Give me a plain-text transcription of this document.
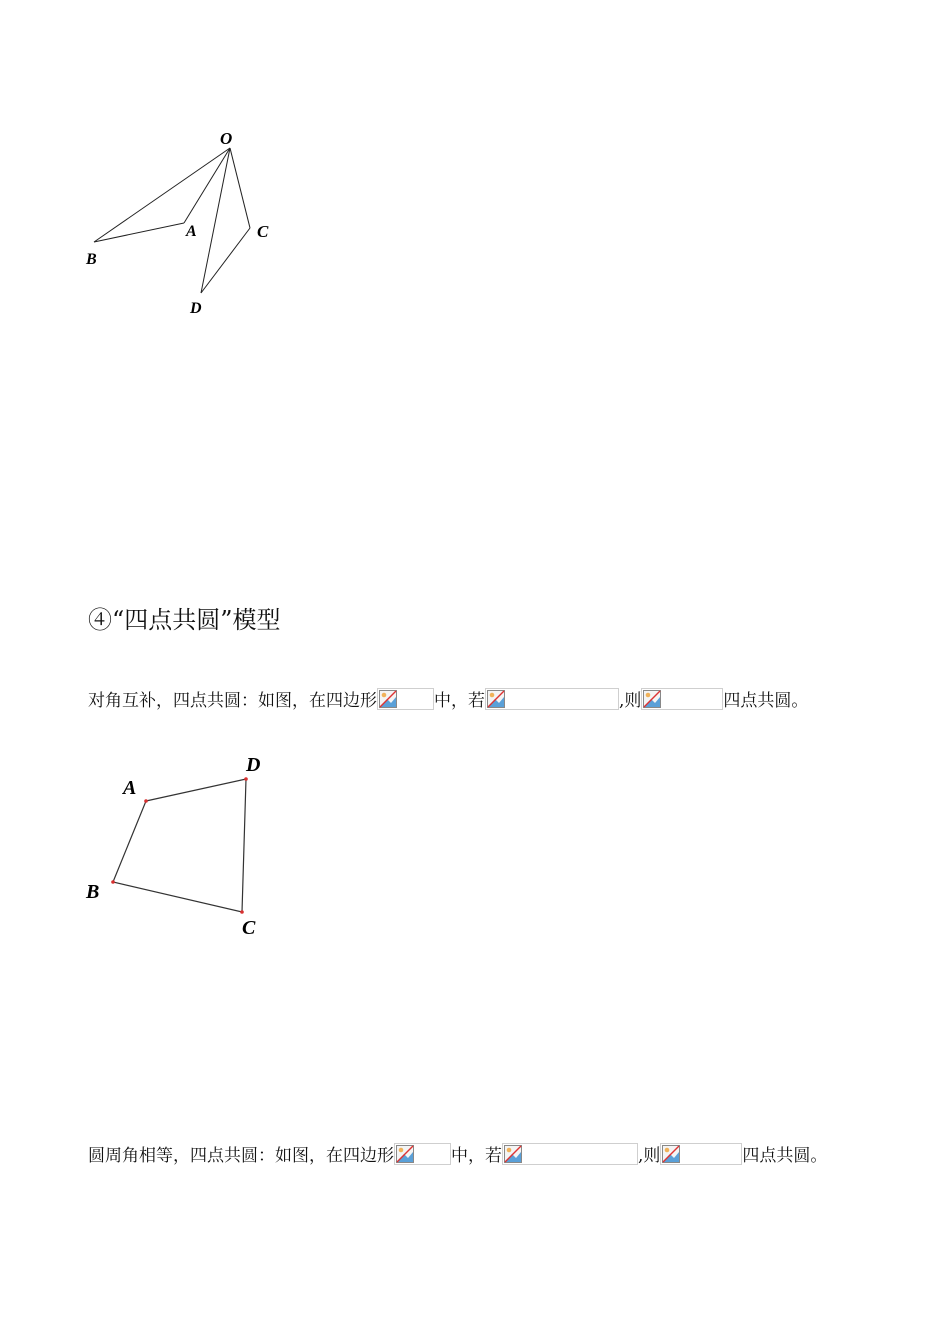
O
A
B
C
D
④“四点共圆”模型
对角互补，四点共圆：如图，在四边形	中，若	,则	四点共圆。
A
D
B
C
圆周角相等，四点共圆：如图，在四边形	中，若	,则	四点共圆。
